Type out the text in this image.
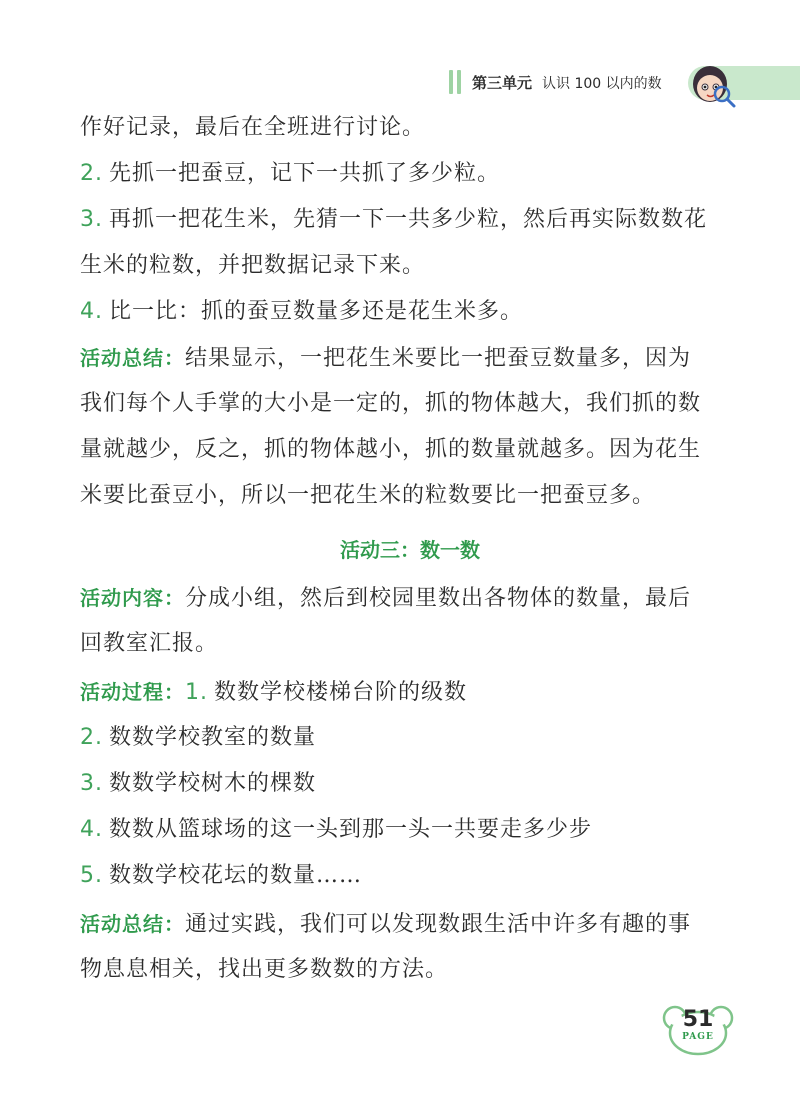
第三单元 认识 100 以内的数
作好记录，最后在全班进行讨论。
2. 先抓一把蚕豆，记下一共抓了多少粒。
3. 再抓一把花生米，先猜一下一共多少粒，然后再实际数数花
生米的粒数，并把数据记录下来。
4. 比一比：抓的蚕豆数量多还是花生米多。
活动总结：结果显示，一把花生米要比一把蚕豆数量多，因为
我们每个人手掌的大小是一定的，抓的物体越大，我们抓的数
量就越少，反之，抓的物体越小，抓的数量就越多。因为花生
米要比蚕豆小，所以一把花生米的粒数要比一把蚕豆多。
活动三：数一数
活动内容：分成小组，然后到校园里数出各物体的数量，最后
回教室汇报。
活动过程：1. 数数学校楼梯台阶的级数
2. 数数学校教室的数量
3. 数数学校树木的棵数
4. 数数从篮球场的这一头到那一头一共要走多少步
5. 数数学校花坛的数量……
活动总结：通过实践，我们可以发现数跟生活中许多有趣的事
物息息相关，找出更多数数的方法。
51
PAGE
